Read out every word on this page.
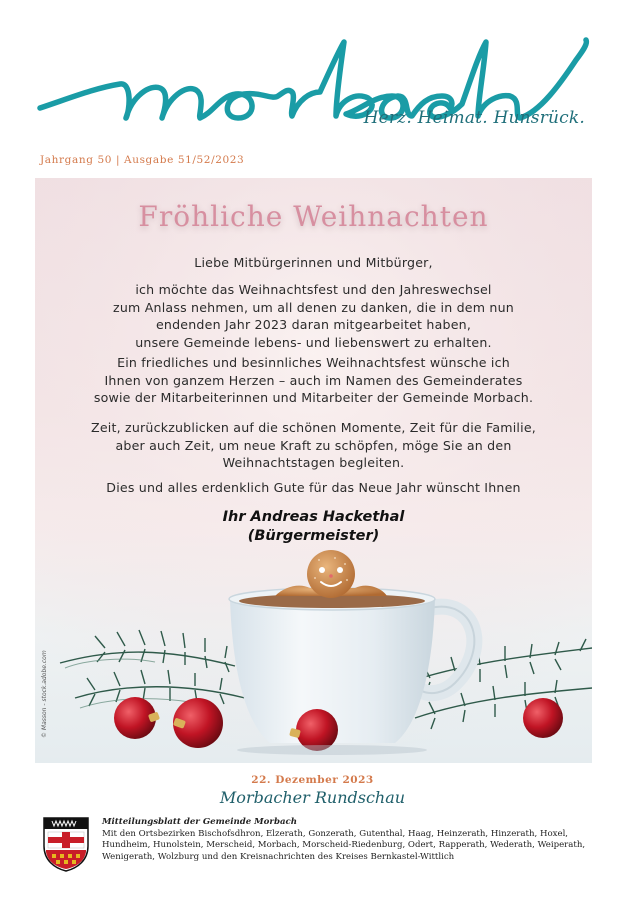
Herz. Heimat. Hunsrück.
Jahrgang 50 | Ausgabe 51/52/2023
Fröhliche Weihnachten
Liebe Mitbürgerinnen und Mitbürger,
ich möchte das Weihnachtsfest und den Jahreswechsel
zum Anlass nehmen, um all denen zu danken, die in dem nun
endenden Jahr 2023 daran mitgearbeitet haben,
unsere Gemeinde lebens- und liebenswert zu erhalten.
Ein friedliches und besinnliches Weihnachtsfest wünsche ich
Ihnen von ganzem Herzen – auch im Namen des Gemeinderates
sowie der Mitarbeiterinnen und Mitarbeiter der Gemeinde Morbach.
Zeit, zurückzublicken auf die schönen Momente, Zeit für die Familie,
aber auch Zeit, um neue Kraft zu schöpfen, möge Sie an den
Weihnachtstagen begleiten.
Dies und alles erdenklich Gute für das Neue Jahr wünscht Ihnen
Ihr Andreas Hackethal
(Bürgermeister)
© Masson - stock.adobe.com
22. Dezember 2023
Morbacher Rundschau
Mitteilungsblatt der Gemeinde Morbach
Mit den Ortsbezirken Bischofsdhron, Elzerath, Gonzerath, Gutenthal, Haag, Heinzerath, Hinzerath, Hoxel, Hundheim, Hunolstein, Merscheid, Morbach, Morscheid-Riedenburg, Odert, Rapperath, Wederath, Weiperath, Wenigerath, Wolzburg und den Kreisnachrichten des Kreises Bernkastel-Wittlich
